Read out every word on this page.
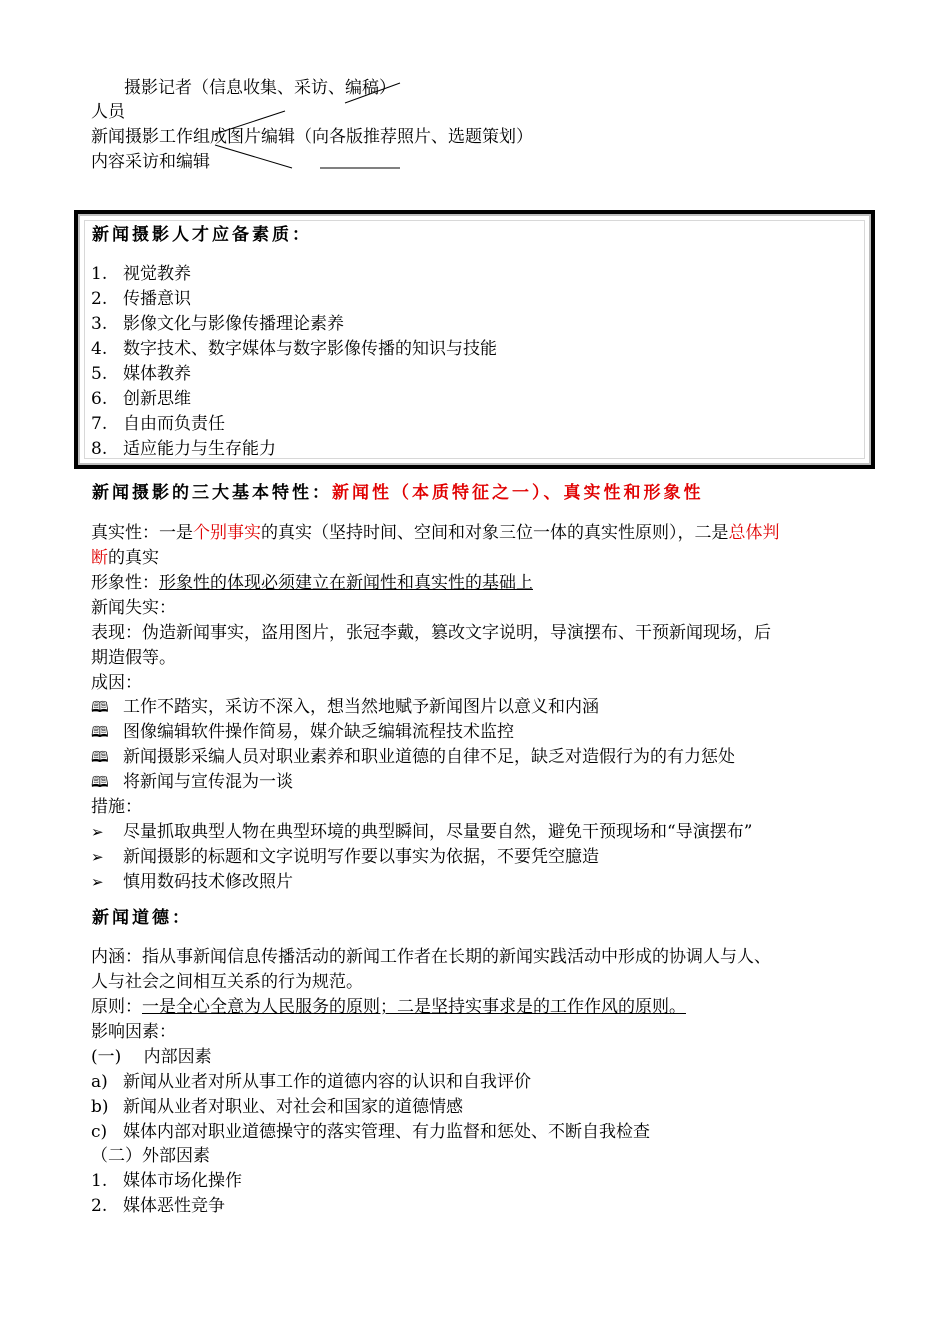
摄影记者（信息收集、采访、编稿）
人员
新闻摄影工作组成图片编辑（向各版推荐照片、选题策划）
内容采访和编辑
新闻摄影人才应备素质：
1. 视觉教养
2. 传播意识
3. 影像文化与影像传播理论素养
4. 数字技术、数字媒体与数字影像传播的知识与技能
5. 媒体教养
6. 创新思维
7. 自由而负责任
8. 适应能力与生存能力
新闻摄影的三大基本特性：新闻性（本质特征之一）、真实性和形象性
真实性：一是个别事实的真实（坚持时间、空间和对象三位一体的真实性原则），二是总体判
断的真实
形象性：形象性的体现必须建立在新闻性和真实性的基础上
新闻失实：
表现：伪造新闻事实，盗用图片，张冠李戴，篡改文字说明，导演摆布、干预新闻现场，后
期造假等。
成因：
🕮 工作不踏实，采访不深入，想当然地赋予新闻图片以意义和内涵
🕮 图像编辑软件操作简易，媒介缺乏编辑流程技术监控
🕮 新闻摄影采编人员对职业素养和职业道德的自律不足，缺乏对造假行为的有力惩处
🕮 将新闻与宣传混为一谈
措施：
➢ 尽量抓取典型人物在典型环境的典型瞬间，尽量要自然，避免干预现场和“导演摆布”
➢ 新闻摄影的标题和文字说明写作要以事实为依据，不要凭空臆造
➢ 慎用数码技术修改照片
新闻道德：
内涵：指从事新闻信息传播活动的新闻工作者在长期的新闻实践活动中形成的协调人与人、
人与社会之间相互关系的行为规范。
原则：一是全心全意为人民服务的原则；二是坚持实事求是的工作作风的原则。
影响因素：
(一)　 内部因素
a) 新闻从业者对所从事工作的道德内容的认识和自我评价
b) 新闻从业者对职业、对社会和国家的道德情感
c) 媒体内部对职业道德操守的落实管理、有力监督和惩处、不断自我检查
（二）外部因素
1. 媒体市场化操作
2. 媒体恶性竞争
